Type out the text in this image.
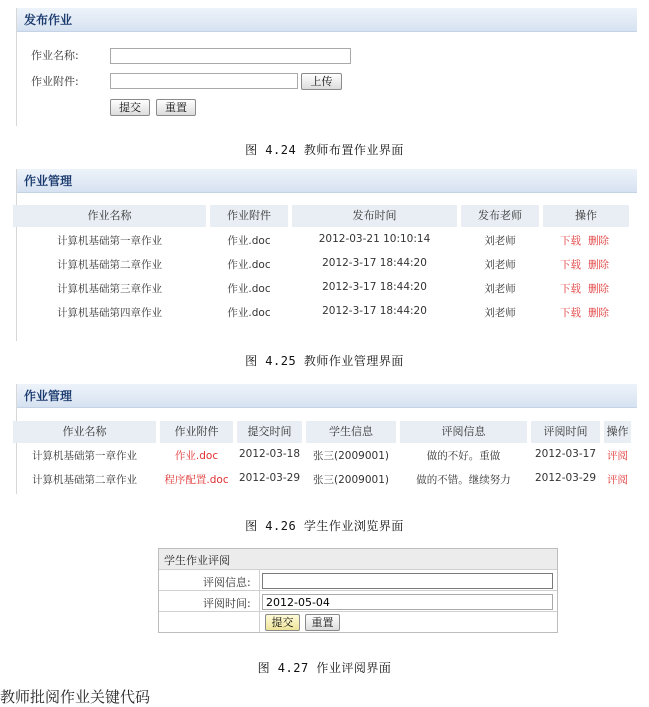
发布作业
作业名称:
作业附件:	上传
提交	重置
图 4.24 教师布置作业界面
作业管理
作业名称	作业附件	发布时间	发布老师	操作
计算机基础第一章作业	作业.doc	2012-03-21 10:10:14	刘老师	下载 删除
计算机基础第二章作业	作业.doc	2012-3-17 18:44:20	刘老师	下载 删除
计算机基础第三章作业	作业.doc	2012-3-17 18:44:20	刘老师	下载 删除
计算机基础第四章作业	作业.doc	2012-3-17 18:44:20	刘老师	下载 删除
图 4.25 教师作业管理界面
作业管理
作业名称	作业附件	提交时间	学生信息	评阅信息	评阅时间	操作
计算机基础第一章作业	作业.doc	2012-03-18	张三(2009001)	做的不好。重做	2012-03-17	评阅
计算机基础第二章作业	程序配置.doc 2012-03-29	张三(2009001)	做的不错。继续努力	2012-03-29	评阅
图 4.26 学生作业浏览界面
学生作业评阅
评阅信息:
评阅时间:
2012-05-04
提交	重置
图 4.27 作业评阅界面
教师批阅作业关键代码
